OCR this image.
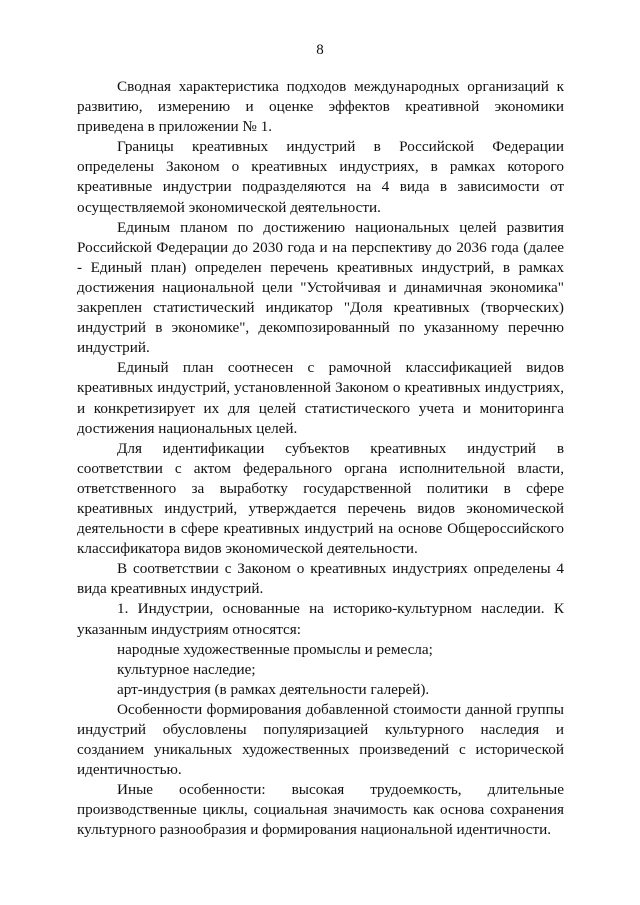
8

Сводная характеристика подходов международных организаций к развитию, измерению и оценке эффектов креативной экономики приведена в приложении № 1.

Границы креативных индустрий в Российской Федерации определены Законом о креативных индустриях, в рамках которого креативные индустрии подразделяются на 4 вида в зависимости от осуществляемой экономической деятельности.

Единым планом по достижению национальных целей развития Российской Федерации до 2030 года и на перспективу до 2036 года (далее - Единый план) определен перечень креативных индустрий, в рамках достижения национальной цели "Устойчивая и динамичная экономика" закреплен статистический индикатор "Доля креативных (творческих) индустрий в экономике", декомпозированный по указанному перечню индустрий.

Единый план соотнесен с рамочной классификацией видов креативных индустрий, установленной Законом о креативных индустриях, и конкретизирует их для целей статистического учета и мониторинга достижения национальных целей.

Для идентификации субъектов креативных индустрий в соответствии с актом федерального органа исполнительной власти, ответственного за выработку государственной политики в сфере креативных индустрий, утверждается перечень видов экономической деятельности в сфере креативных индустрий на основе Общероссийского классификатора видов экономической деятельности.

В соответствии с Законом о креативных индустриях определены 4 вида креативных индустрий.

1. Индустрии, основанные на историко-культурном наследии. К указанным индустриям относятся:

народные художественные промыслы и ремесла;

культурное наследие;

арт-индустрия (в рамках деятельности галерей).

Особенности формирования добавленной стоимости данной группы индустрий обусловлены популяризацией культурного наследия и созданием уникальных художественных произведений с исторической идентичностью.

Иные особенности: высокая трудоемкость, длительные производственные циклы, социальная значимость как основа сохранения культурного разнообразия и формирования национальной идентичности.
